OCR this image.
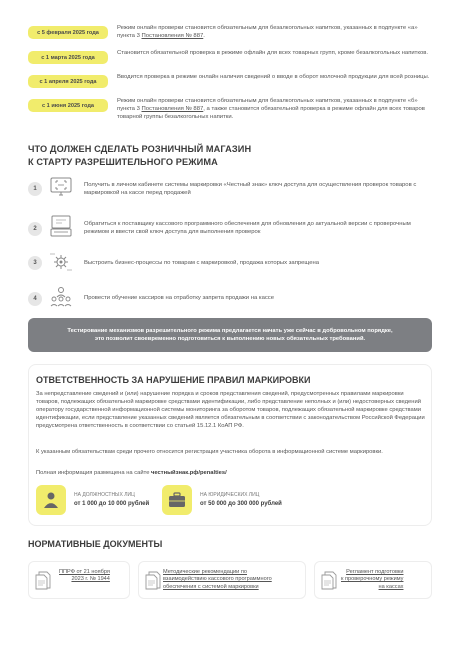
с 5 февраля 2025 года
Режим онлайн проверки становится обязательным для безалкогольных напитков, указанных в подпункте «а» пункта 3 Постановления № 887.
с 1 марта 2025 года
Становится обязательной проверка в режиме офлайн для всех товарных групп, кроме безалкогольных напитков.
с 1 апреля 2025 года
Вводится проверка в режиме онлайн наличия сведений о вводе в оборот молочной продукции для всей розницы.
с 1 июня 2025 года
Режим онлайн проверки становится обязательным для безалкогольных напитков, указанных в подпункте «б» пункта 3 Постановления № 887, а также становится обязательной проверка в режиме офлайн для всех товаров товарной группы безалкогольных напитки.
ЧТО ДОЛЖЕН СДЕЛАТЬ РОЗНИЧНЫЙ МАГАЗИН
К СТАРТУ РАЗРЕШИТЕЛЬНОГО РЕЖИМА
1
Получить в личном кабинете системы маркировки «Честный знак» ключ доступа для осуществления проверок товаров с маркировкой на кассе перед продажей
2
Обратиться к поставщику кассового программного обеспечения для обновления до актуальной версии с проверочным режимом и ввести свой ключ доступа для выполнения проверок
3	Выстроить бизнес-процессы по товарам с маркировкой, продажа которых запрещена
4	Провести обучение кассиров на отработку запрета продажи на кассе
Тестирование механизмов разрешительного режима предлагается начать уже сейчас в добровольном порядке,
это позволит своевременно подготовиться к выполнению новых обязательных требований.
ОТВЕТСТВЕННОСТЬ ЗА НАРУШЕНИЕ ПРАВИЛ МАРКИРОВКИ
За непредставление сведений и (или) нарушение порядка и сроков представления сведений, предусмотренных правилами маркировки товаров, подлежащих обязательной маркировке средствами идентификации, либо представление неполных и (или) недостоверных сведений оператору государственной информационной системы мониторинга за оборотом товаров, подлежащих обязательной маркировке средствами идентификации, если представление указанных сведений является обязательным в соответствии с законодательством Российской Федерации предусмотрена ответственность в соответствии со статьей 15.12.1 КоАП РФ.
К указанным обязательствам среди прочего относится регистрация участника оборота в информационной системе маркировки.
Полная информация размещена на сайте честныйзнак.рф/penalties/
НА ДОЛЖНОСТНЫХ ЛИЦ
от 1 000 до 10 000 рублей
НА ЮРИДИЧЕСКИХ ЛИЦ
от 50 000 до 300 000 рублей
НОРМАТИВНЫЕ ДОКУМЕНТЫ
ППРФ от 21 ноября
2023 г. № 1944
Методические рекомендации по
взаимодействию кассового программного
обеспечения с системой маркировки
Регламент подготовки
к проверочному режиму
на кассах
